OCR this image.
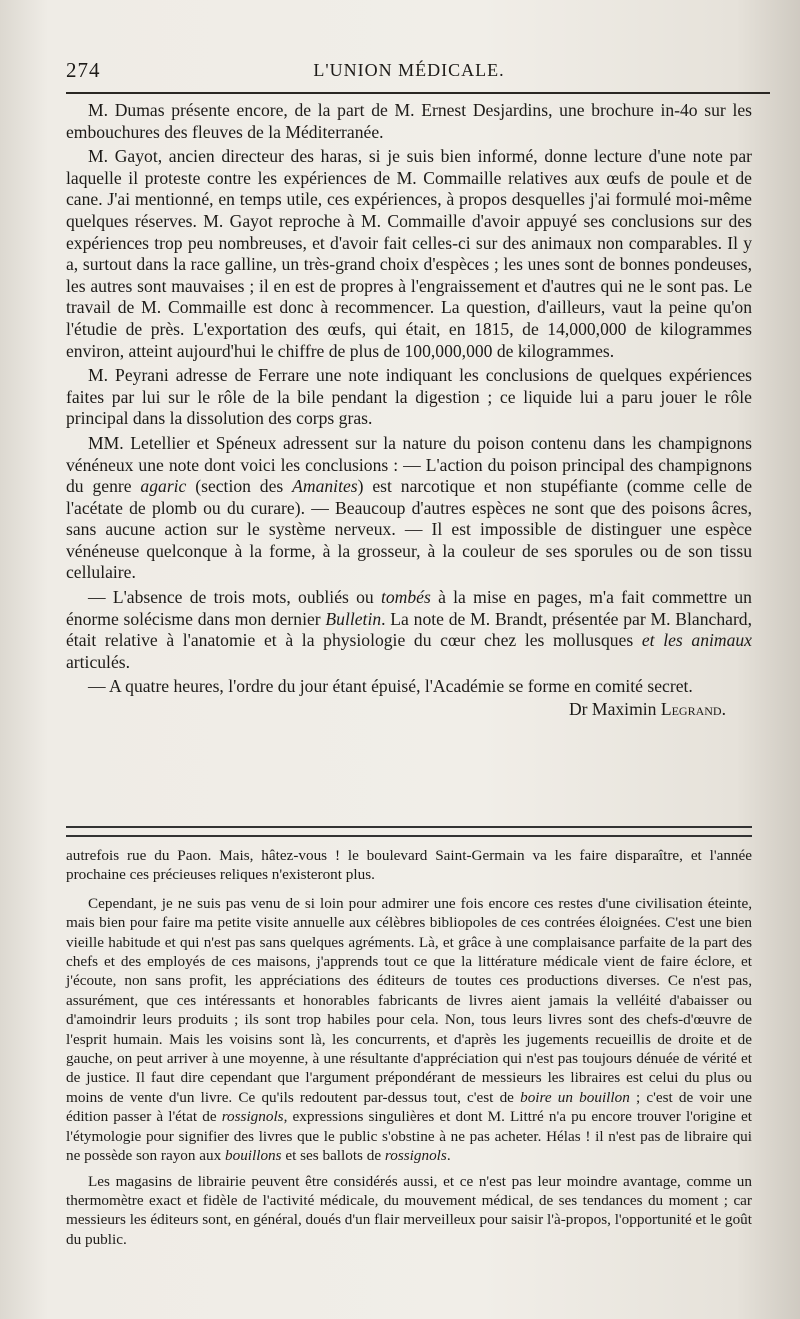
274	L'UNION MÉDICALE.

M. Dumas présente encore, de la part de M. Ernest Desjardins, une brochure in-4o sur les embouchures des fleuves de la Méditerranée.

M. Gayot, ancien directeur des haras, si je suis bien informé, donne lecture d'une note par laquelle il proteste contre les expériences de M. Commaille relatives aux œufs de poule et de cane. J'ai mentionné, en temps utile, ces expériences, à propos desquelles j'ai formulé moi-même quelques réserves. M. Gayot reproche à M. Commaille d'avoir appuyé ses conclusions sur des expériences trop peu nombreuses, et d'avoir fait celles-ci sur des animaux non comparables. Il y a, surtout dans la race galline, un très-grand choix d'espèces ; les unes sont de bonnes pondeuses, les autres sont mauvaises ; il en est de propres à l'engraissement et d'autres qui ne le sont pas. Le travail de M. Commaille est donc à recommencer. La question, d'ailleurs, vaut la peine qu'on l'étudie de près. L'exportation des œufs, qui était, en 1815, de 14,000,000 de kilogrammes environ, atteint aujourd'hui le chiffre de plus de 100,000,000 de kilogrammes.

M. Peyrani adresse de Ferrare une note indiquant les conclusions de quelques expériences faites par lui sur le rôle de la bile pendant la digestion ; ce liquide lui a paru jouer le rôle principal dans la dissolution des corps gras.

MM. Letellier et Spéneux adressent sur la nature du poison contenu dans les champignons vénéneux une note dont voici les conclusions : — L'action du poison principal des champignons du genre agaric (section des Amanites) est narcotique et non stupéfiante (comme celle de l'acétate de plomb ou du curare). — Beaucoup d'autres espèces ne sont que des poisons âcres, sans aucune action sur le système nerveux. — Il est impossible de distinguer une espèce vénéneuse quelconque à la forme, à la grosseur, à la couleur de ses sporules ou de son tissu cellulaire.

— L'absence de trois mots, oubliés ou tombés à la mise en pages, m'a fait commettre un énorme solécisme dans mon dernier Bulletin. La note de M. Brandt, présentée par M. Blanchard, était relative à l'anatomie et à la physiologie du cœur chez les mollusques et les animaux articulés.

— A quatre heures, l'ordre du jour étant épuisé, l'Académie se forme en comité secret.

Dr Maximin Legrand.

autrefois rue du Paon. Mais, hâtez-vous ! le boulevard Saint-Germain va les faire disparaître, et l'année prochaine ces précieuses reliques n'existeront plus.

Cependant, je ne suis pas venu de si loin pour admirer une fois encore ces restes d'une civilisation éteinte, mais bien pour faire ma petite visite annuelle aux célèbres bibliopoles de ces contrées éloignées. C'est une bien vieille habitude et qui n'est pas sans quelques agréments. Là, et grâce à une complaisance parfaite de la part des chefs et des employés de ces maisons, j'apprends tout ce que la littérature médicale vient de faire éclore, et j'écoute, non sans profit, les appréciations des éditeurs de toutes ces productions diverses. Ce n'est pas, assurément, que ces intéressants et honorables fabricants de livres aient jamais la velléité d'abaisser ou d'amoindrir leurs produits ; ils sont trop habiles pour cela. Non, tous leurs livres sont des chefs-d'œuvre de l'esprit humain. Mais les voisins sont là, les concurrents, et d'après les jugements recueillis de droite et de gauche, on peut arriver à une moyenne, à une résultante d'appréciation qui n'est pas toujours dénuée de vérité et de justice. Il faut dire cependant que l'argument prépondérant de messieurs les libraires est celui du plus ou moins de vente d'un livre. Ce qu'ils redoutent par-dessus tout, c'est de boire un bouillon ; c'est de voir une édition passer à l'état de rossignols, expressions singulières et dont M. Littré n'a pu encore trouver l'origine et l'étymologie pour signifier des livres que le public s'obstine à ne pas acheter. Hélas ! il n'est pas de libraire qui ne possède son rayon aux bouillons et ses ballots de rossignols.

Les magasins de librairie peuvent être considérés aussi, et ce n'est pas leur moindre avantage, comme un thermomètre exact et fidèle de l'activité médicale, du mouvement médical, de ses tendances du moment ; car messieurs les éditeurs sont, en général, doués d'un flair merveilleux pour saisir l'à-propos, l'opportunité et le goût du public.
